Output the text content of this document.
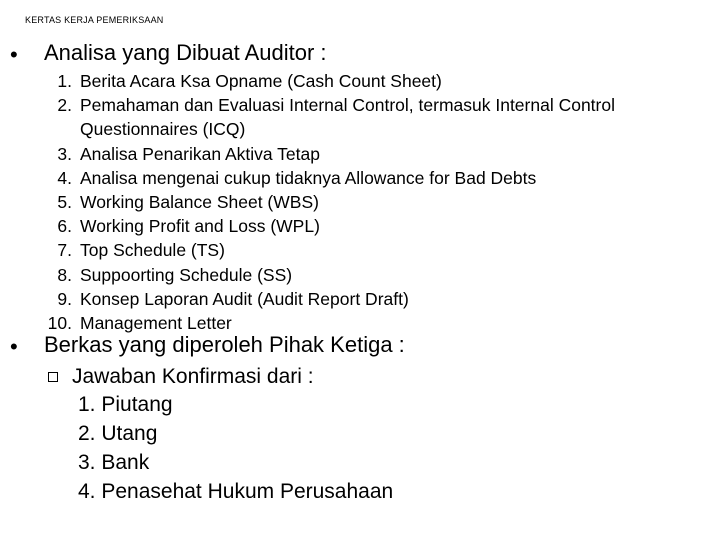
KERTAS KERJA PEMERIKSAAN
• Analisa yang Dibuat Auditor :
1. Berita Acara Ksa Opname (Cash Count Sheet)
2. Pemahaman dan Evaluasi Internal Control, termasuk Internal Control
Questionnaires (ICQ)
3. Analisa Penarikan Aktiva Tetap
4. Analisa mengenai cukup tidaknya Allowance for Bad Debts
5. Working Balance Sheet (WBS)
6. Working Profit and Loss (WPL)
7. Top Schedule (TS)
8. Suppoorting Schedule (SS)
9. Konsep Laporan Audit (Audit Report Draft)
10. Management Letter
• Berkas yang diperoleh Pihak Ketiga :
Jawaban Konfirmasi dari :
1. Piutang
2. Utang
3. Bank
4. Penasehat Hukum Perusahaan
